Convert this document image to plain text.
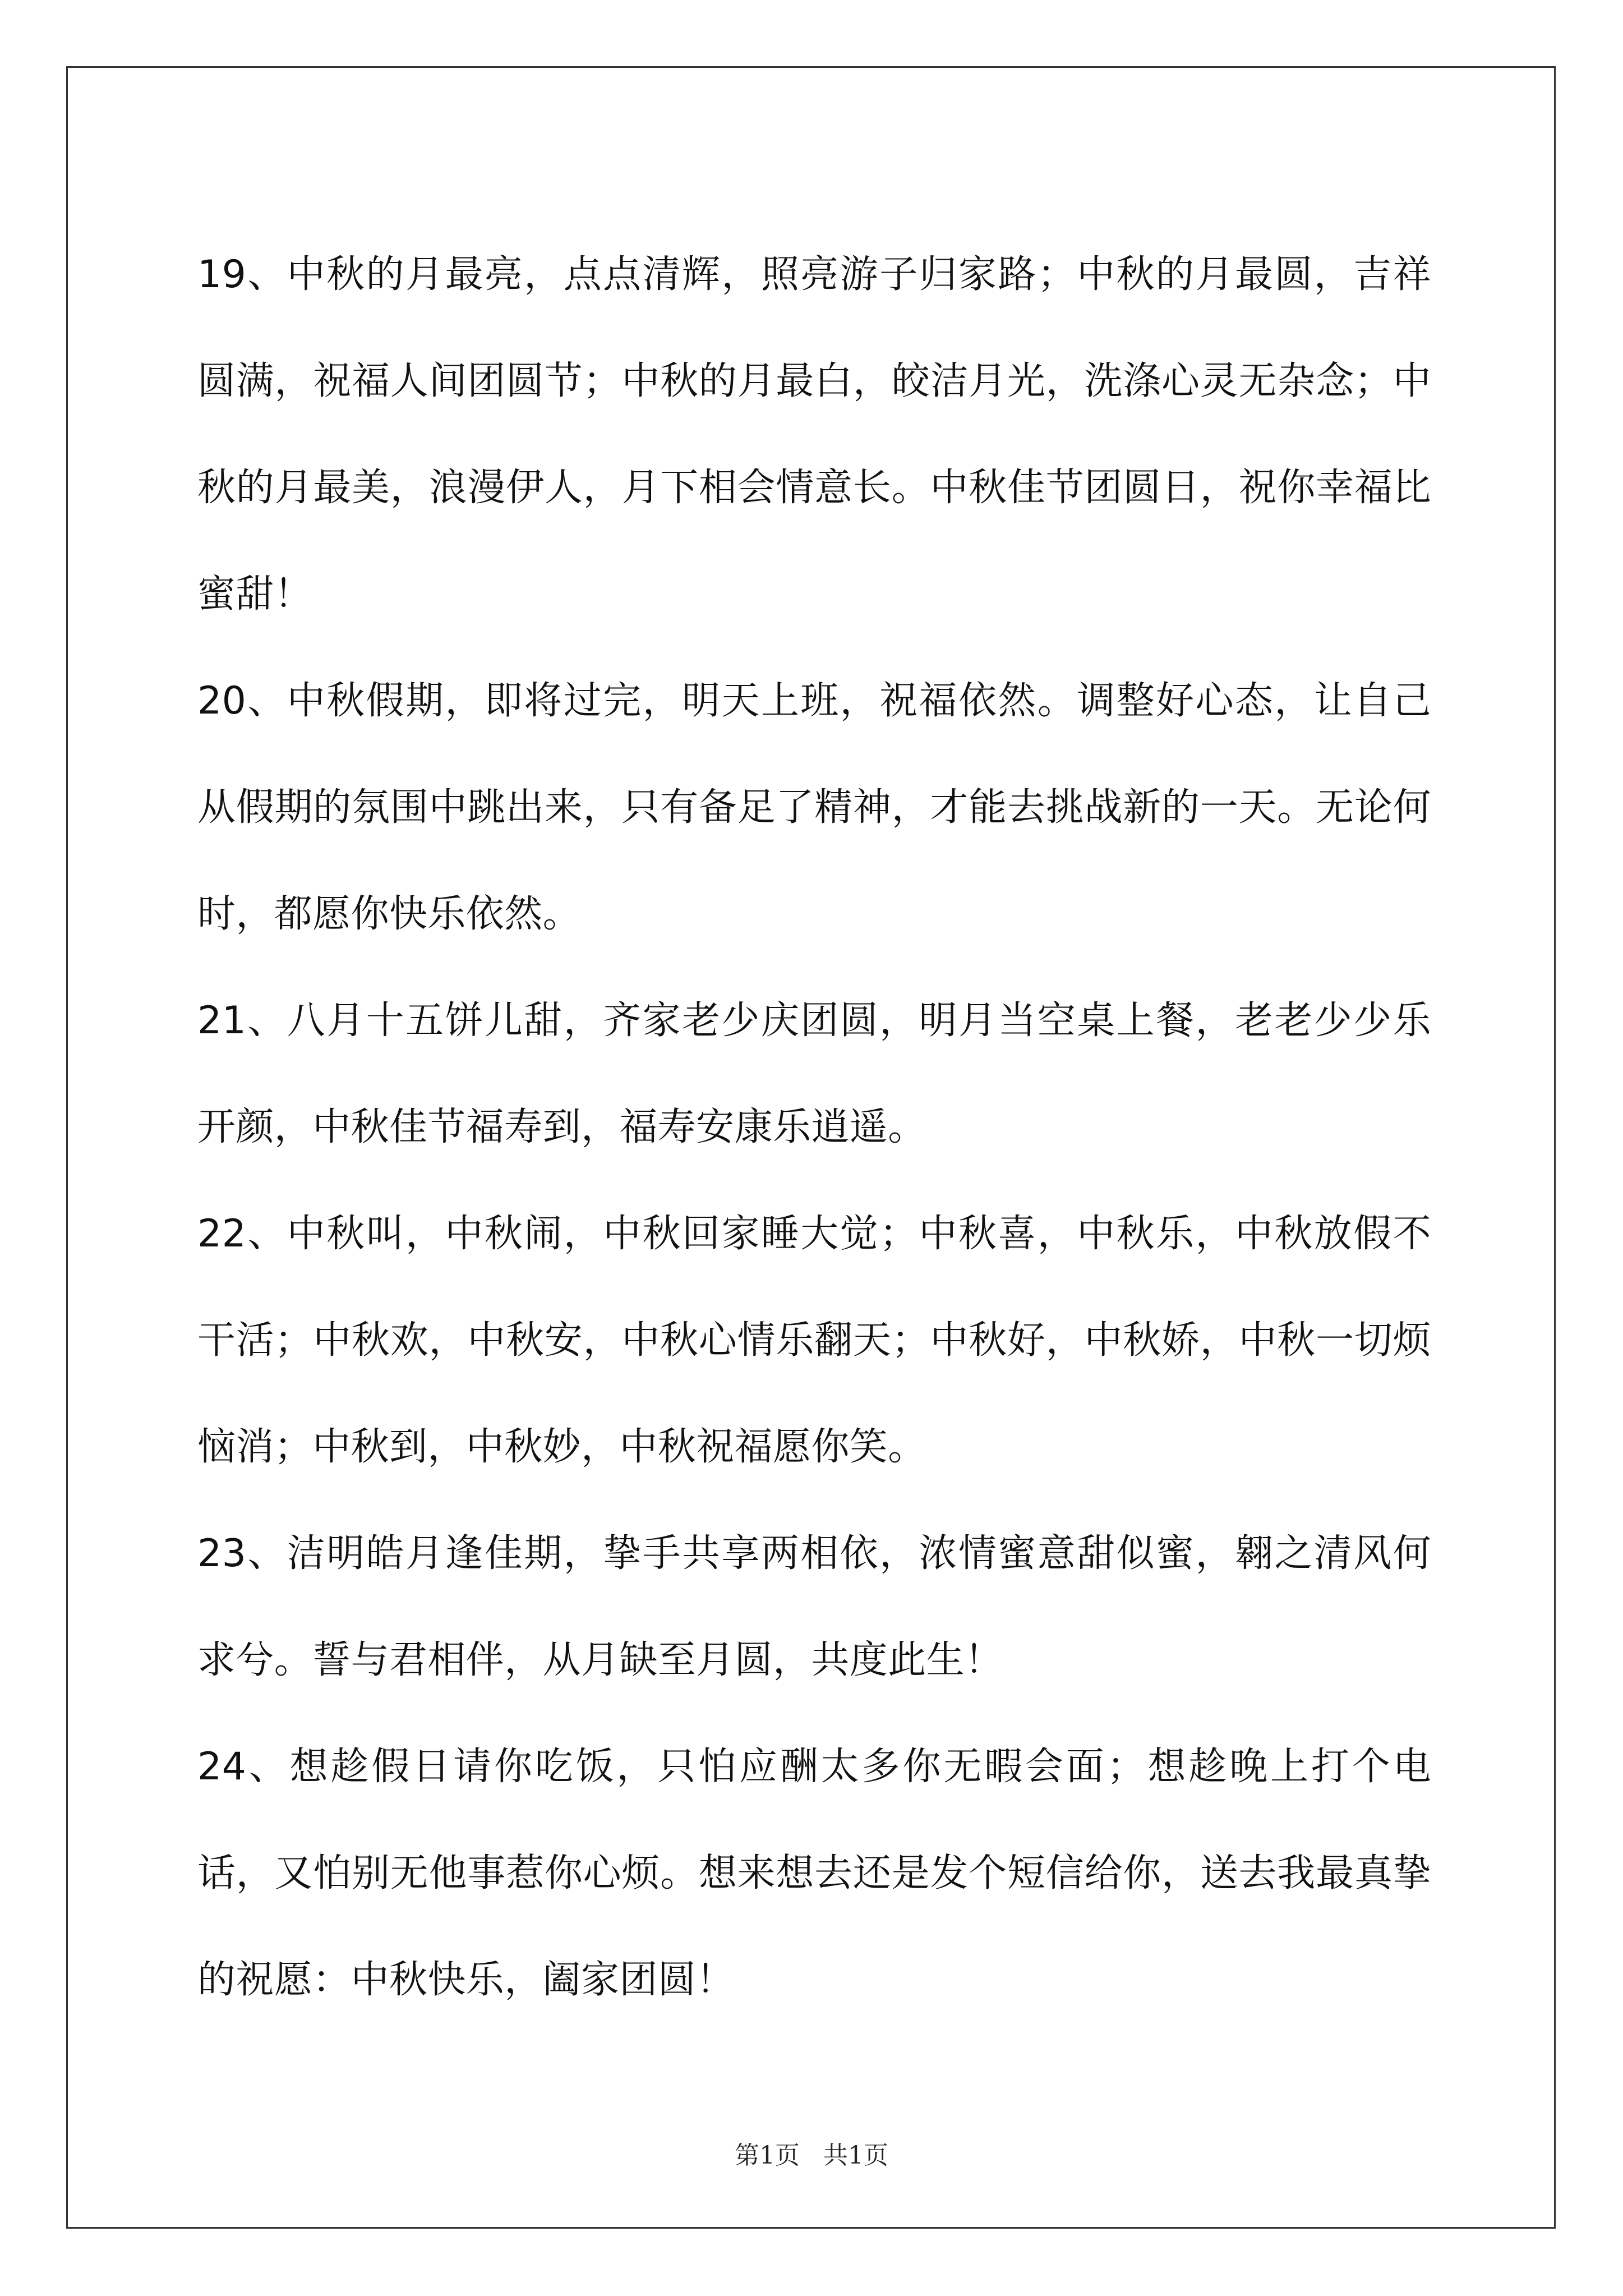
19、中秋的月最亮，点点清辉，照亮游子归家路；中秋的月最圆，吉祥圆满，祝福人间团圆节；中秋的月最白，皎洁月光，洗涤心灵无杂念；中秋的月最美，浪漫伊人，月下相会情意长。中秋佳节团圆日，祝你幸福比蜜甜！

20、中秋假期，即将过完，明天上班，祝福依然。调整好心态，让自己从假期的氛围中跳出来，只有备足了精神，才能去挑战新的一天。无论何时，都愿你快乐依然。

21、八月十五饼儿甜，齐家老少庆团圆，明月当空桌上餐，老老少少乐开颜，中秋佳节福寿到，福寿安康乐逍遥。

22、中秋叫，中秋闹，中秋回家睡大觉；中秋喜，中秋乐，中秋放假不干活；中秋欢，中秋安，中秋心情乐翻天；中秋好，中秋娇，中秋一切烦恼消；中秋到，中秋妙，中秋祝福愿你笑。

23、洁明皓月逢佳期，挚手共享两相依，浓情蜜意甜似蜜，翱之清风何求兮。誓与君相伴，从月缺至月圆，共度此生！

24、想趁假日请你吃饭，只怕应酬太多你无暇会面；想趁晚上打个电话，又怕别无他事惹你心烦。想来想去还是发个短信给你，送去我最真挚的祝愿：中秋快乐，阖家团圆！

第1页 共1页
